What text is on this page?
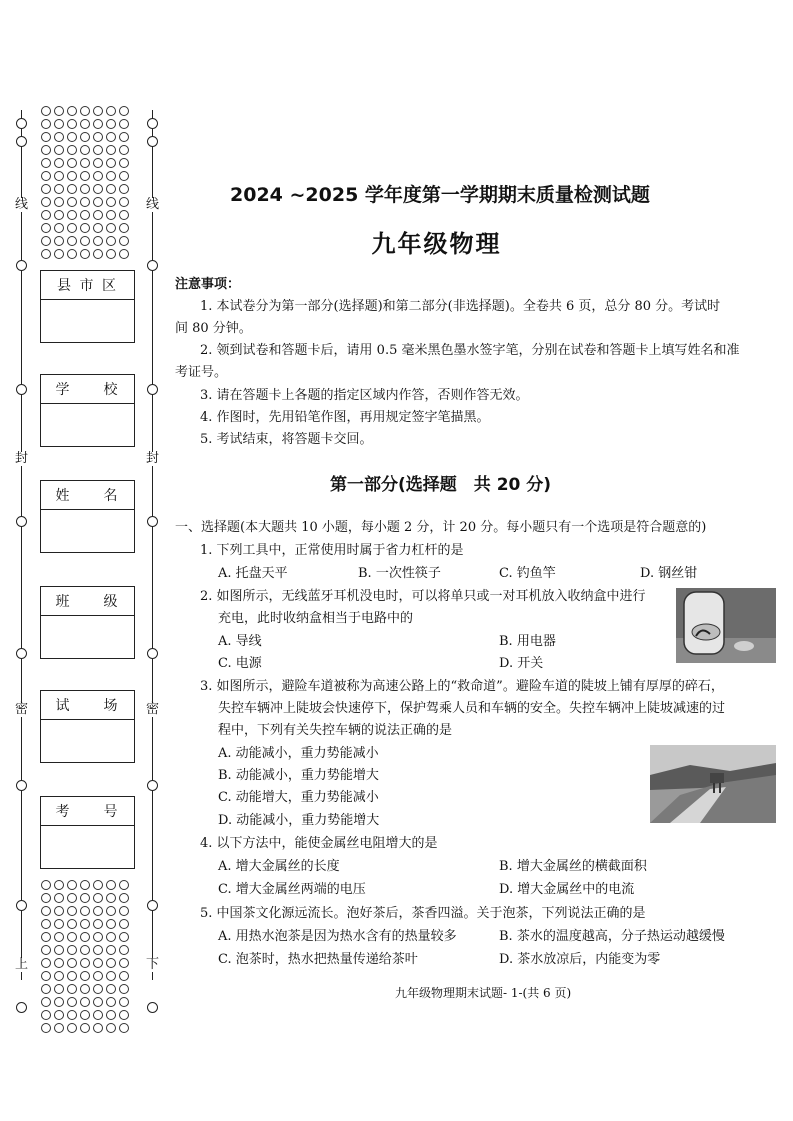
线
封
密
上
线
封
密
下
县 市 区
学　　校
姓　　名
班　　级
试　　场
考　　号
2024 ~2025 学年度第一学期期末质量检测试题
九年级物理
注意事项：
1. 本试卷分为第一部分(选择题)和第二部分(非选择题)。全卷共 6 页，总分 80 分。考试时
间 80 分钟。
2. 领到试卷和答题卡后，请用 0.5 毫米黑色墨水签字笔，分别在试卷和答题卡上填写姓名和准
考证号。
3. 请在答题卡上各题的指定区域内作答，否则作答无效。
4. 作图时，先用铅笔作图，再用规定签字笔描黑。
5. 考试结束，将答题卡交回。
第一部分(选择题　共 20 分)
一、选择题(本大题共 10 小题，每小题 2 分，计 20 分。每小题只有一个选项是符合题意的)
1. 下列工具中，正常使用时属于省力杠杆的是
A. 托盘天平	B. 一次性筷子	C. 钓鱼竿	D. 钢丝钳
2. 如图所示，无线蓝牙耳机没电时，可以将单只或一对耳机放入收纳盒中进行
充电，此时收纳盒相当于电路中的
A. 导线	B. 用电器
C. 电源	D. 开关
3. 如图所示，避险车道被称为高速公路上的“救命道”。避险车道的陡坡上铺有厚厚的碎石，
失控车辆冲上陡坡会快速停下，保护驾乘人员和车辆的安全。失控车辆冲上陡坡减速的过
程中，下列有关失控车辆的说法正确的是
A. 动能减小，重力势能减小
B. 动能减小，重力势能增大
C. 动能增大，重力势能减小
D. 动能减小，重力势能增大
4. 以下方法中，能使金属丝电阻增大的是
A. 增大金属丝的长度	B. 增大金属丝的横截面积
C. 增大金属丝两端的电压	D. 增大金属丝中的电流
5. 中国茶文化源远流长。泡好茶后，茶香四溢。关于泡茶，下列说法正确的是
A. 用热水泡茶是因为热水含有的热量较多	B. 茶水的温度越高，分子热运动越缓慢
C. 泡茶时，热水把热量传递给茶叶	D. 茶水放凉后，内能变为零
九年级物理期末试题- 1-(共 6 页)
